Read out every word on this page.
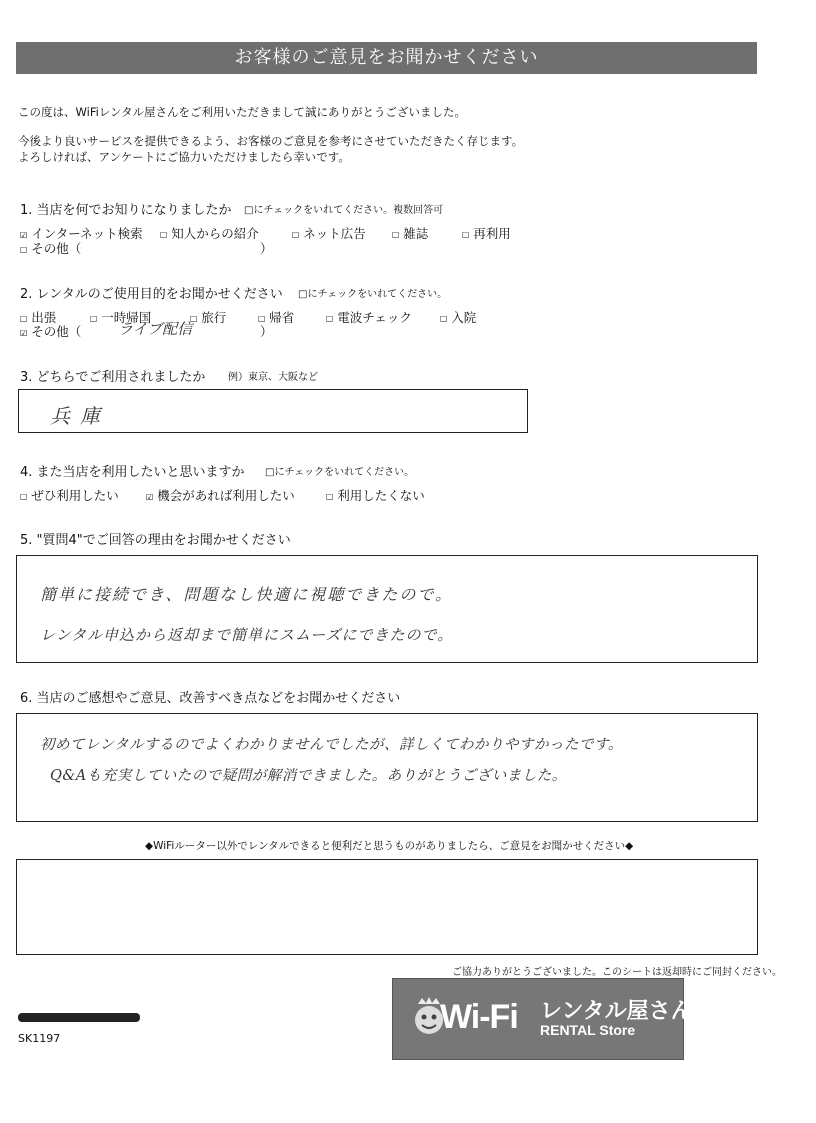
お客様のご意見をお聞かせください
この度は、WiFiレンタル屋さんをご利用いただきまして誠にありがとうございました。
今後より良いサービスを提供できるよう、お客様のご意見を参考にさせていただきたく存じます。
よろしければ、アンケートにご協力いただけましたら幸いです。
1. 当店を何でお知りになりましたか □にチェックをいれてください。複数回答可
☑ インターネット検索 ☐ 知人からの紹介	☐ ネット広告 ☐ 雑誌	☐ 再利用
☐ その他（	）
2. レンタルのご使用目的をお聞かせください □にチェックをいれてください。
☐ 出張	☐ 一時帰国	☐ 旅行	☐ 帰省	☐ 電波チェック ☐ 入院
☑ その他（ ライブ配信	）
3. どちらでご利用されましたか 例）東京、大阪など
兵庫
4. また当店を利用したいと思いますか □にチェックをいれてください。
☐ ぜひ利用したい ☑ 機会があれば利用したい	☐ 利用したくない
5. "質問4"でご回答の理由をお聞かせください
簡単に接続でき、問題なし快適に視聴できたので。
レンタル申込から返却まで簡単にスムーズにできたので。
6. 当店のご感想やご意見、改善すべき点などをお聞かせください
初めてレンタルするのでよくわかりませんでしたが、詳しくてわかりやすかったです。
Q&Aも充実していたので疑問が解消できました。ありがとうございました。
◆WiFiルーター以外でレンタルできると便利だと思うものがありましたら、ご意見をお聞かせください◆
ご協力ありがとうございました。このシートは返却時にご同封ください。
SK1197
Wi-Fi レンタル屋さん
RENTAL Store
